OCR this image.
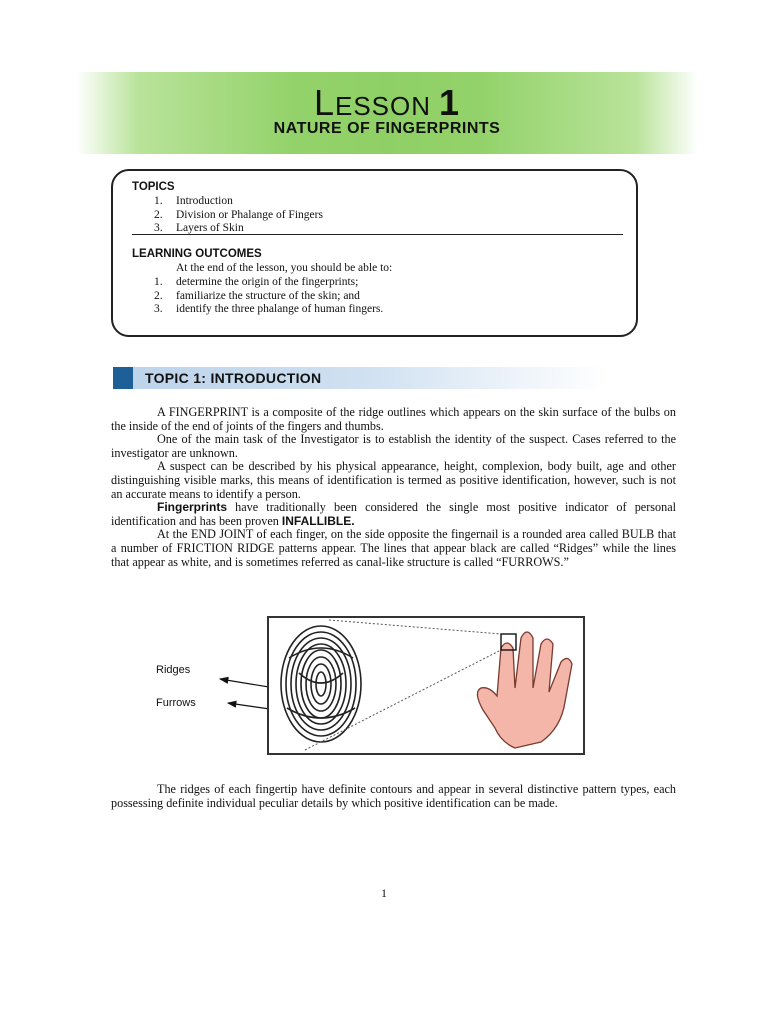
LESSON 1
NATURE OF FINGERPRINTS
TOPICS
1. Introduction
2. Division or Phalange of Fingers
3. Layers of Skin
LEARNING OUTCOMES
At the end of the lesson, you should be able to:
1. determine the origin of the fingerprints;
2. familiarize the structure of the skin; and
3. identify the three phalange of human fingers.
TOPIC 1: INTRODUCTION

A FINGERPRINT is a composite of the ridge outlines which appears on the skin surface of the bulbs on the inside of the end of joints of the fingers and thumbs.

One of the main task of the Investigator is to establish the identity of the suspect. Cases referred to the investigator are unknown.

A suspect can be described by his physical appearance, height, complexion, body built, age and other distinguishing visible marks, this means of identification is termed as positive identification, however, such is not an accurate means to identify a person.

Fingerprints have traditionally been considered the single most positive indicator of personal identification and has been proven INFALLIBLE.

At the END JOINT of each finger, on the side opposite the fingernail is a rounded area called BULB that a number of FRICTION RIDGE patterns appear. The lines that appear black are called “Ridges” while the lines that appear as white, and is sometimes referred as canal-like structure is called “FURROWS.”

Ridges
Furrows

The ridges of each fingertip have definite contours and appear in several distinctive pattern types, each possessing definite individual peculiar details by which positive identification can be made.

1
